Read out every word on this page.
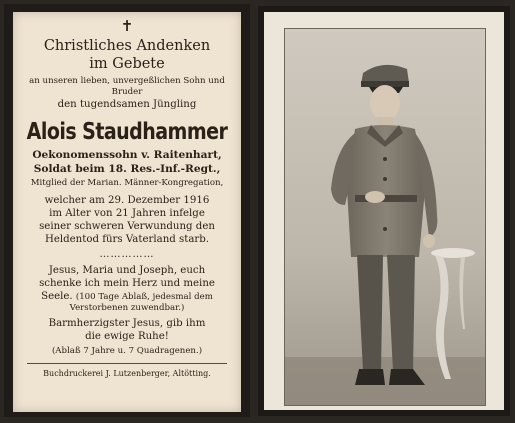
✝
Christliches Andenken
im Gebete
an unseren lieben, unvergeßlichen Sohn und
Bruder
den tugendsamen Jüngling
Alois Staudhammer
Oekonomenssohn v. Raitenhart,
Soldat beim 18. Res.-Inf.-Regt.,
Mitglied der Marian. Männer-Kongregation,
welcher am 29. Dezember 1916
im Alter von 21 Jahren infelge
seiner schweren Verwundung den
Heldentod fürs Vaterland starb.
……………
Jesus, Maria und Joseph, euch
schenke ich mein Herz und meine
Seele. (100 Tage Ablaß, jedesmal dem
Verstorbenen zuwendbar.)
Barmherzigster Jesus, gib ihm
die ewige Ruhe!
(Ablaß 7 Jahre u. 7 Quadragenen.)
Buchdruckerei J. Lutzenberger, Altötting.
